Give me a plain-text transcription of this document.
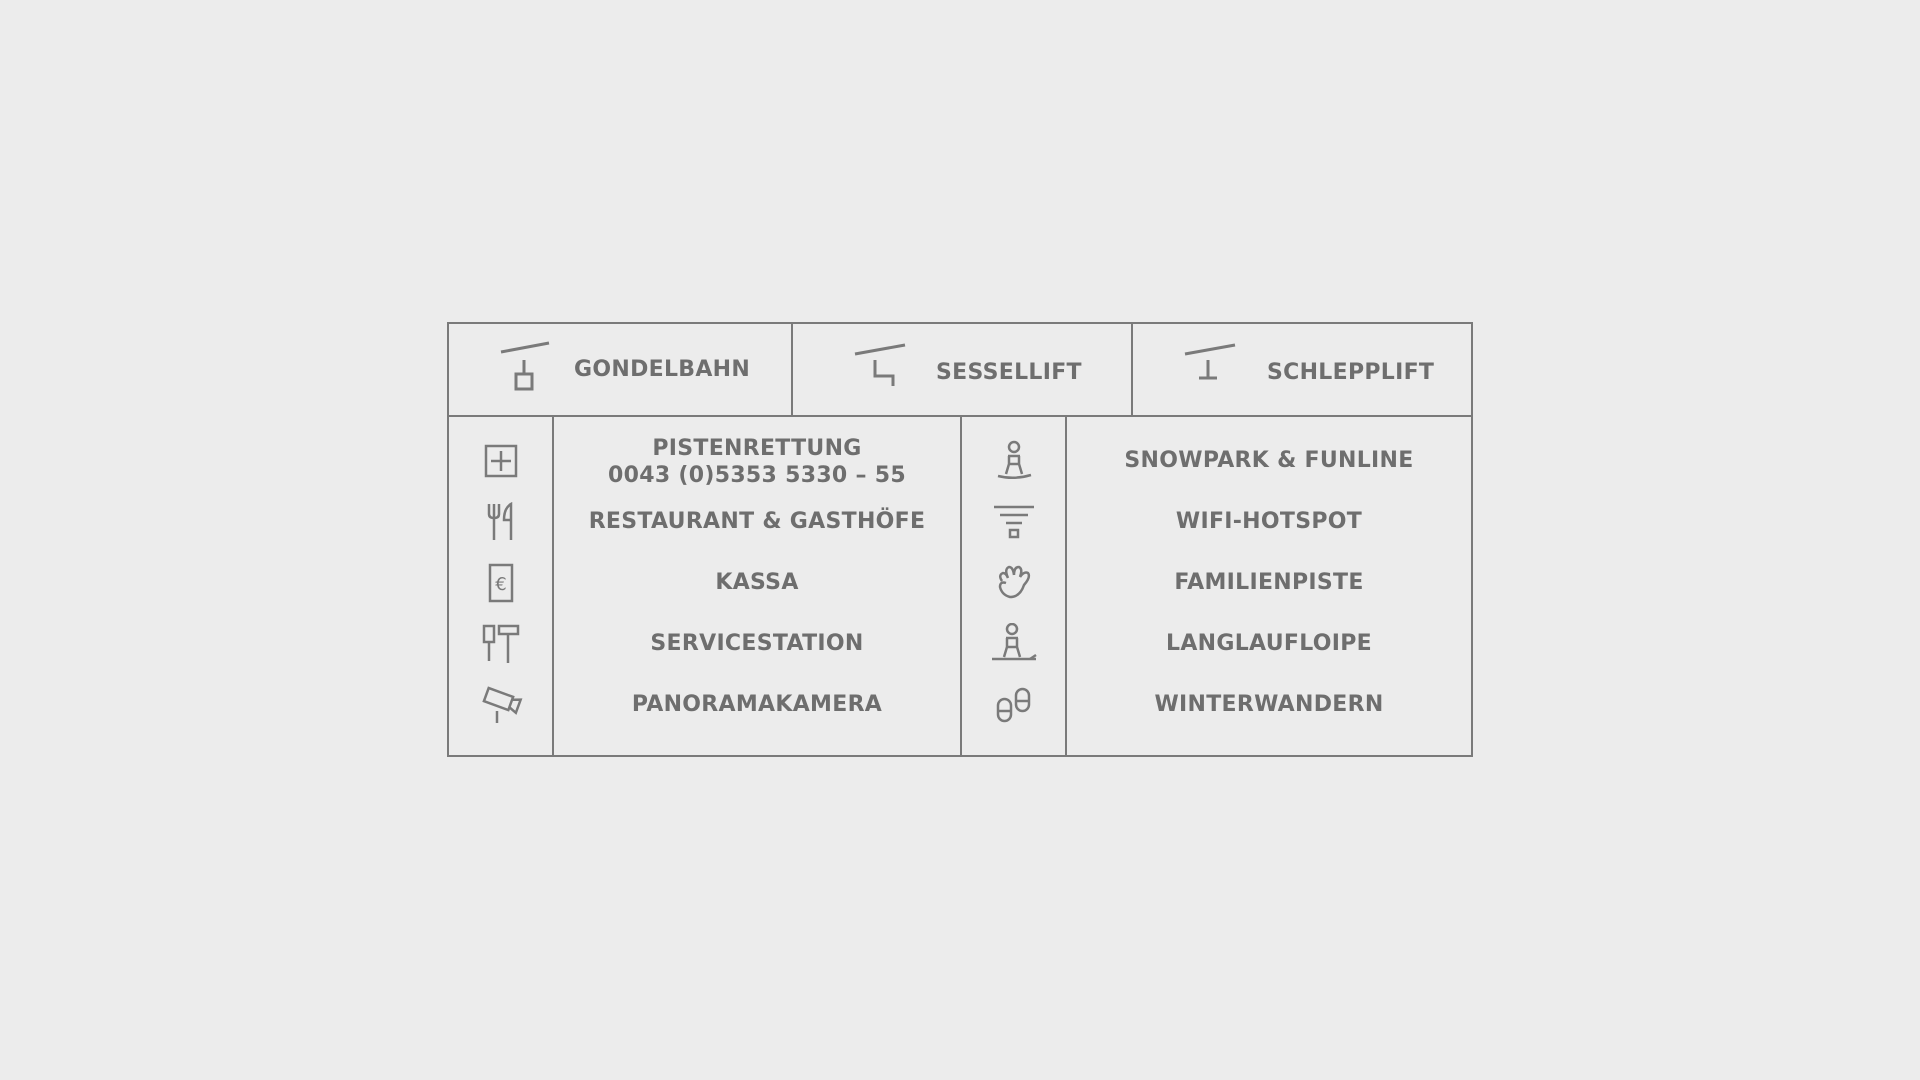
GONDELBAHN	SESSELLIFT	SCHLEPPLIFT
€
PISTENRETTUNG
0043 (0)5353 5330 – 55
RESTAURANT & GASTHÖFE
KASSA
SERVICESTATION
PANORAMAKAMERA
SNOWPARK & FUNLINE
WIFI-HOTSPOT
FAMILIENPISTE
LANGLAUFLOIPE
WINTERWANDERN
